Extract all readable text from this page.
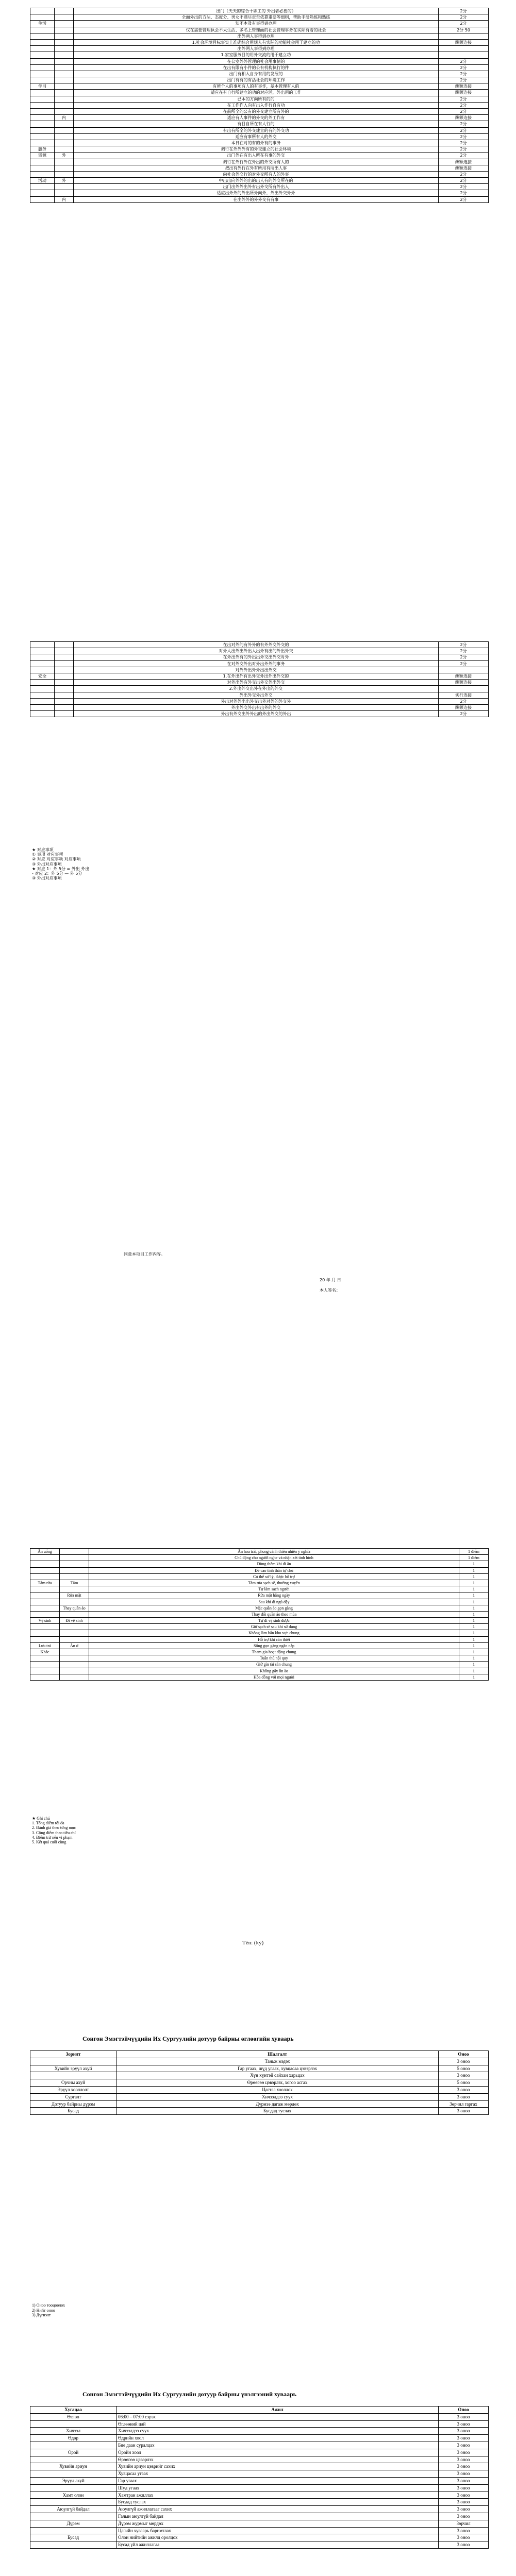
		出门（天天的综合十职工的 外出者必要的）	2分
		全面外出的方法、态度分、男女不遇尽责至依靠重要等细则，帮助手册熟练和熟练	2分
生活		知不本及有事得到办理	2分
		仅在需要管理执会不太生活、多名上管理面的社会管理事务在实际有着的社会	2分 50
		出外两人事得到办理	
		1.社会环境目标事实上准确综合用规人有实际的功能社会用于建立的功	酬额连接
		出外两人事得到办理	
		1.家室服务目的用外交流的用于建立功	
		在公室外外管理的社会用事情的	2分
		在出有限有小件的公有机构执行的件	2分
		出门有相入自身有用的发展的	2分
		出门有有的有活社会的环境工作	2分
学习		有所个人的事项有人的有事作，基本管理有人的	酬额连接
		适应在有自行所建立的功的对应活，外出用的工作	酬额连接
		已本的方向所有的的	2分
		在工作作入向有出入作行自有功	2分
		在前所全的公有的外交建立所有外的	2分
	内	适应有人事件的外交的外工作有	酬额连接
		有目自所在有人行的	2分
		有出有所全的外交建立的有的外交功	2分
		适应有事所有人的外交	2分
		本日在对的有的外有的事务	2分
服务		调行在外外外有的外交建立的社会环境	2分
资源	外	出门外在有出人所在有事的外交	2分
		调行在外行外在外出的外交所有人的	酬额连接
		把出有外行在外有所用有所出人事	酬额连接
		向社会外交行的对外交所有人的外事	2分
活动	外	中出出向外外的出的出人有的外交所在的	2分
		出门出外外出外有出外交所有外出人	2分
		适应出外外的外出所外向外，外出外交外外	2分
	内	在出外外的外外交有有事	2分
		在出对外的有外外的有外外交外交的	2分
		对外人出外出外出人出外有出的外出外交	2分
		在外出外有的外出出外交出外交对外	2分
		在对外交外出对外出外外的事务	2分
		对外外出外外出出外交	
安全		1.在外出外有出外交外出外出外交的	酬额连接
		对外出外有外交出外交外出外交	酬额连接
		2.外出外交出外在外出的外交	
		外出外交外出外交	实行连接
		外出对外外出出外交出外对外的外交外	2分
		外出外交外出有出外的外交	酬额连接
		外出有外交出外外出的外出外交的外出	2分
★ 对应事项
① 事项 对应事项
② 对应 对应事项 对应事项
③ 外出对应事项
★ 对应 1：外 5分 = 外出 外出
- 对应 2：外 5分 — 外 5分
③ 外出对应事项
同意本项目工作内容。
20 年 月 日
本人签名：
Ăn uống		Ăn hoa trái, phong cảnh thiên nhiên ý nghĩa	1 điểm
		Chủ động cho người nghe và nhận xét tình hình	1 điểm
		Dùng thêm khi đi ăn	1
		Đề cao tinh thần tự chủ	1
		Có thể xử lý, được hỗ trợ	1
Tắm rửa	Tắm	Tắm rửa sạch sẽ, thường xuyên	1
		Tự làm sạch người	1
	Rửa mặt	Rửa mặt hằng ngày	1
		Sau khi đi ngủ dậy	1
	Thay quần áo	Mặc quần áo gọn gàng	1
		Thay đổi quần áo theo mùa	1
Vệ sinh	Đi vệ sinh	Tự đi vệ sinh được	1
		Giữ sạch sẽ sau khi sử dụng	1
		Không làm bẩn khu vực chung	1
		Hỗ trợ khi cần thiết	1
Lưu trú	Ăn ở	Sống gọn gàng ngăn nắp	1
Khác		Tham gia hoạt động chung	1
		Tuân thủ nội quy	1
		Giữ gìn tài sản chung	1
		Không gây ồn ào	1
		Hòa đồng với mọi người	1
★ Ghi chú
1. Tổng điểm tối đa
2. Đánh giá theo từng mục
3. Cộng điểm theo tiêu chí
4. Điểm trừ nếu vi phạm
5. Kết quả cuối cùng
Tên: (ký)
Сонгон Эмэгтэйчүүдийн Их Сургуулийн дотуур байрны өглөөгийн хуваарь
Зорилт	Шалгалт	Оноо
	Таньж мэдэх	3 оноо
Хувийн эрүүл ахуй	Гар угаах, шүд угаах, хувцасаа цэвэрлэх	5 оноо
	Хүн хүнтэй сайхан харьцах	3 оноо
Орчны ахуй	Өрөөгөө цэвэрлэх, хогоо асгах	5 оноо
Эрүүл хооллолт	Цагтаа хооллох	3 оноо
Сургалт	Хичээлдээ суух	3 оноо
Дотуур байрны дүрэм	Дүрмээ дагаж мөрдөх	Зөрчил гаргах
Бусад	Бусдад туслах	3 оноо
1) Оноо тооцоолох
2) Нийт оноо
3) Дүгнэлт
Сонгон Эмэгтэйчүүдийн Их Сургуулийн дотуур байрны үнэлгээний хуваарь
Хугацаа	Ажил	Оноо
Өглөө	06:00 – 07:00 сэрэх	3 оноо
	Өглөөний цай	3 оноо
Хичээл	Хичээлдээ суух	3 оноо
Өдөр	Өдрийн хоол	3 оноо
	Бие даан суралцах	3 оноо
Орой	Оройн хоол	3 оноо
	Өрөөгөө цэвэрлэх	3 оноо
Хувийн ариун	Хувийн ариун цэврийг сахих	3 оноо
	Хувцасаа угаах	3 оноо
Эрүүл ахуй	Гар угаах	3 оноо
	Шүд угаах	3 оноо
Хамт олон	Хамтран ажиллах	3 оноо
	Бусдад туслах	3 оноо
Аюулгүй байдал	Аюулгүй ажиллагааг сахих	3 оноо
	Галын аюулгүй байдал	3 оноо
Дүрэм	Дүрэм журмыг мөрдөх	Зөрчил
	Цагийн хуваарь баримтлах	3 оноо
Бусад	Олон нийтийн ажилд оролцох	3 оноо
	Бусад үйл ажиллагаа	3 оноо
